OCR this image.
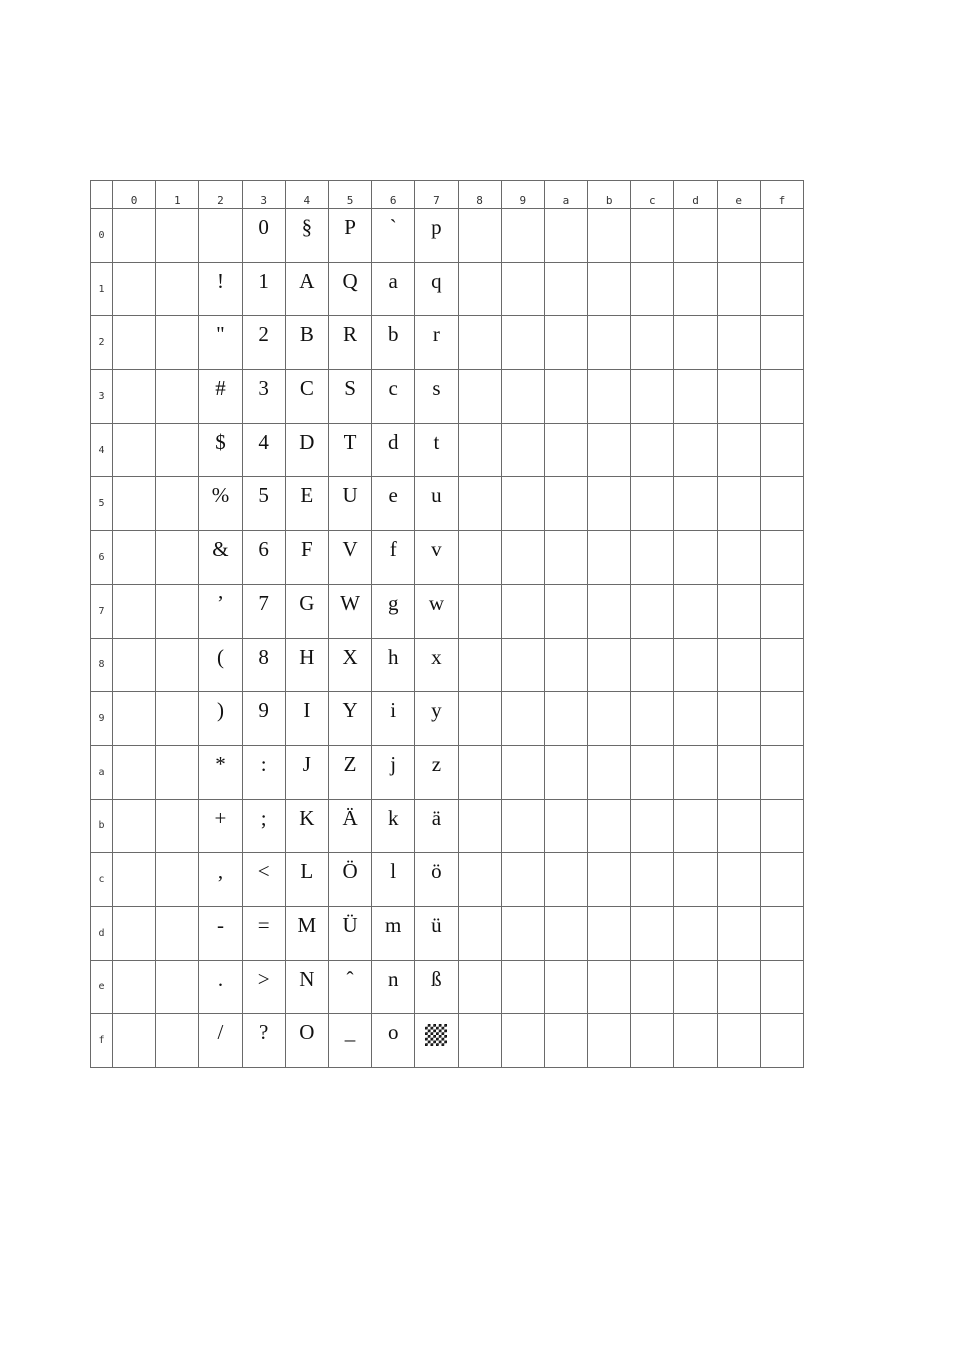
	0	1	2	3	4	5	6	7	8	9	a	b	c	d	e	f
0				0	§	P	`	p								

1			!	1	A	Q	a	q								

2			"	2	B	R	b	r								

3			#	3	C	S	c	s								

4			$	4	D	T	d	t								

5			%	5	E	U	e	u								

6			&	6	F	V	f	v								

7			’	7	G	W	g	w								

8			(	8	H	X	h	x								

9			)	9	I	Y	i	y								

a			*	:	J	Z	j	z								

b			+	;	K	Ä	k	ä								

c			,	<	L	Ö	l	ö								

d			-	=	M	Ü	m	ü								

e			.	>	N	ˆ	n	ß								

f			/	?	O	_	o									
